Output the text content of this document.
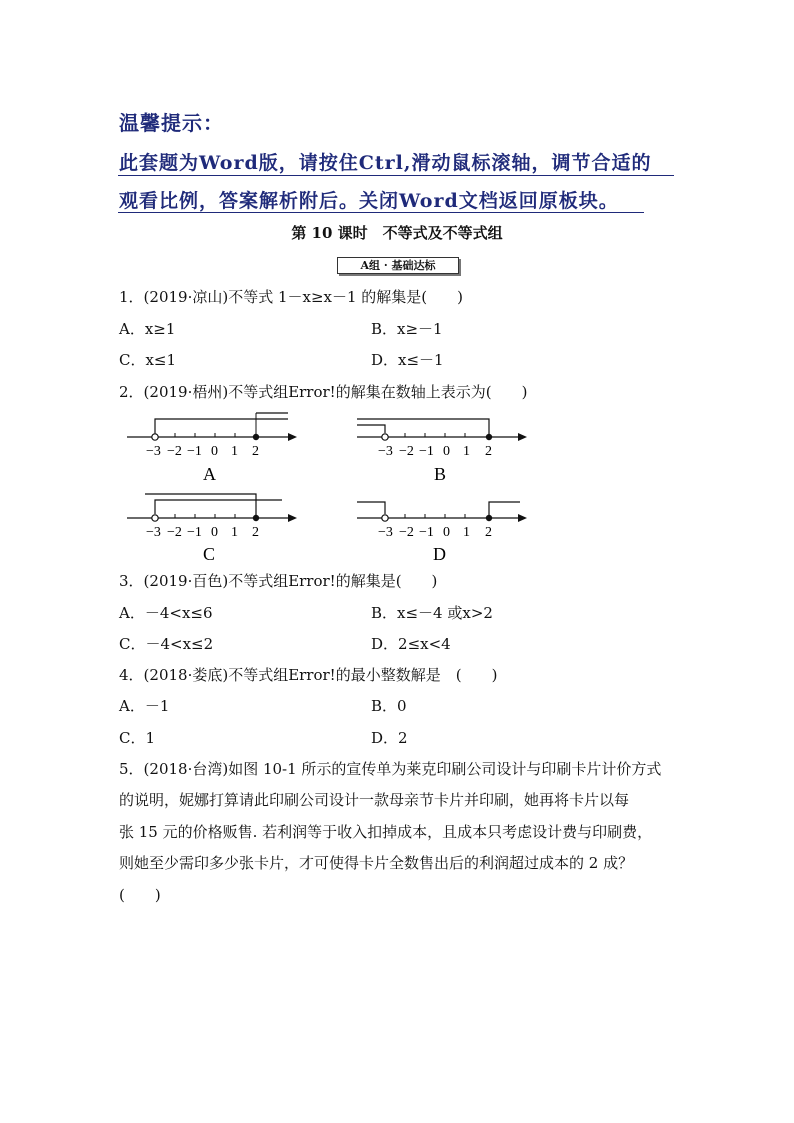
温馨提示：
此套题为Word版，请按住Ctrl,滑动鼠标滚轴，调节合适的
观看比例，答案解析附后。关闭Word文档返回原板块。
第 10 课时　不等式及不等式组
A组 · 基础达标
1．(2019·凉山)不等式 1－x≥x－1 的解集是(　　)
A．x≥1	B．x≥－1
C．x≤1	D．x≤－1
2．(2019·梧州)不等式组Error!的解集在数轴上表示为(　　)
−3 −2 −1 0 1 2
A
−3 −2 −1 0 1 2
B
−3 −2 −1 0 1 2
C
−3 −2 −1 0 1 2
D
3．(2019·百色)不等式组Error!的解集是(　　)
A．－4<x≤6	B．x≤－4 或x>2
C．－4<x≤2	D．2≤x<4
4．(2018·娄底)不等式组Error!的最小整数解是　(　　)
A．－1	B．0
C．1	D．2
5．(2018·台湾)如图 10-1 所示的宣传单为莱克印刷公司设计与印刷卡片计价方式
的说明，妮娜打算请此印刷公司设计一款母亲节卡片并印刷，她再将卡片以每
张 15 元的价格贩售. 若利润等于收入扣掉成本，且成本只考虑设计费与印刷费，
则她至少需印多少张卡片，才可使得卡片全数售出后的利润超过成本的 2 成？
(　　)
